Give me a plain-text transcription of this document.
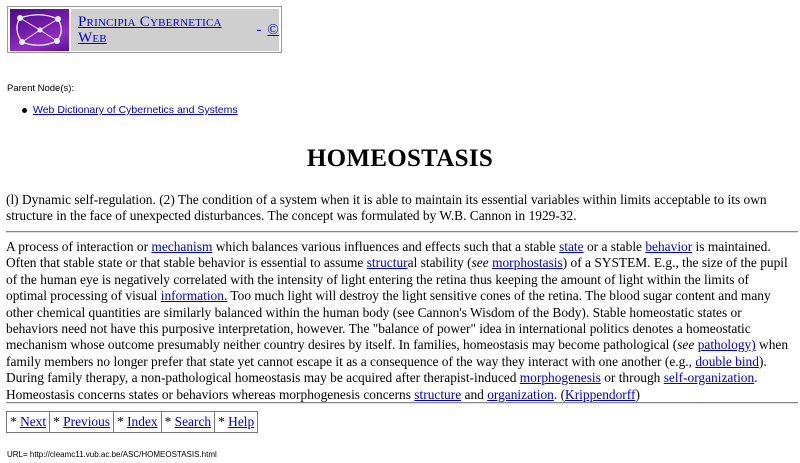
Principia Cybernetica Web
- ©
Parent Node(s):
Web Dictionary of Cybernetics and Systems
HOMEOSTASIS
(l) Dynamic self-regulation. (2) The condition of a system when it is able to maintain its essential variables within limits acceptable to its own structure in the face of unexpected disturbances. The concept was formulated by W.B. Cannon in 1929-32.
A process of interaction or mechanism which balances various influences and effects such that a stable state or a stable behavior is maintained. Often that stable state or that stable behavior is essential to assume structural stability (see morphostasis) of a SYSTEM. E.g., the size of the pupil of the human eye is negatively correlated with the intensity of light entering the retina thus keeping the amount of light within the limits of optimal processing of visual information. Too much light will destroy the light sensitive cones of the retina. The blood sugar content and many other chemical quantities are similarly balanced within the human body (see Cannon's Wisdom of the Body). Stable homeostatic states or behaviors need not have this purposive interpretation, however. The "balance of power" idea in international politics denotes a homeostatic mechanism whose outcome presumably neither country desires by itself. In families, homeostasis may become pathological (see pathology) when family members no longer prefer that state yet cannot escape it as a consequence of the way they interact with one another (e.g., double bind). During family therapy, a non-pathological homeostasis may be acquired after therapist-induced morphogenesis or through self-organization. Homeostasis concerns states or behaviors whereas morphogenesis concerns structure and organization. (Krippendorff)
* Next * Previous * Index * Search * Help
URL= http://cleamc11.vub.ac.be/ASC/HOMEOSTASIS.html
